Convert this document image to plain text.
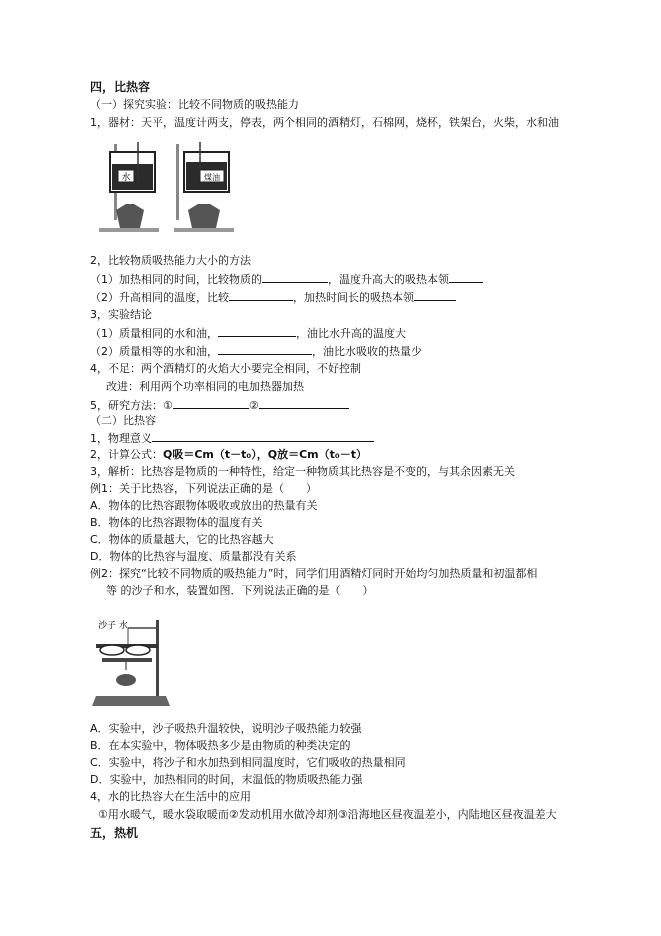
四，比热容
（一）探究实验：比较不同物质的吸热能力
1，器材：天平，温度计两支，停表，两个相同的酒精灯，石棉网，烧杯，铁架台，火柴，水和油
水	煤油
2，比较物质吸热能力大小的方法
（1）加热相同的时间，比较物质的	，温度升高大的吸热本领
（2）升高相同的温度，比较	，加热时间长的吸热本领
3，实验结论
（1）质量相同的水和油，	，油比水升高的温度大
（2）质量相等的水和油，	，油比水吸收的热量少
4，不足：两个酒精灯的火焰大小要完全相同，不好控制
改进：利用两个功率相同的电加热器加热
5，研究方法：①	②
（二）比热容
1，物理意义
2，计算公式：Q吸＝Cm（t－t₀），Q放＝Cm（t₀－t）
3，解析：比热容是物质的一种特性，给定一种物质其比热容是不变的，与其余因素无关
例1：关于比热容，下列说法正确的是（　　）
A．物体的比热容跟物体吸收或放出的热量有关
B．物体的比热容跟物体的温度有关
C．物体的质量越大，它的比热容越大
D．物体的比热容与温度、质量都没有关系
例2：探究“比较不同物质的吸热能力”时，同学们用酒精灯同时开始均匀加热质量和初温都相
等 的沙子和水，装置如图．下列说法正确的是（　　）
沙子 水
A．实验中，沙子吸热升温较快，说明沙子吸热能力较强
B．在本实验中，物体吸热多少是由物质的种类决定的
C．实验中，将沙子和水加热到相同温度时，它们吸收的热量相同
D．实验中，加热相同的时间，末温低的物质吸热能力强
4，水的比热容大在生活中的应用
①用水暖气，暖水袋取暖而②发动机用水做冷却剂③沿海地区昼夜温差小，内陆地区昼夜温差大
五，热机
